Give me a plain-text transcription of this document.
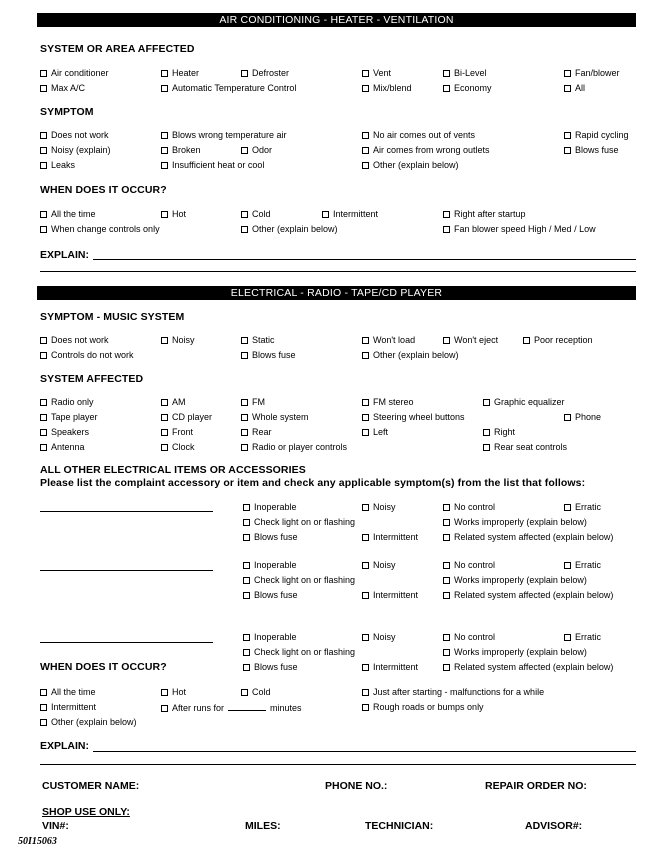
AIR CONDITIONING - HEATER - VENTILATION
SYSTEM OR AREA AFFECTED
Air conditioner	Heater	Defroster	Vent	Bi-Level	Fan/blower
Max A/C	Automatic Temperature Control	Mix/blend	Economy	All
SYMPTOM
Does not work	Blows wrong temperature air	No air comes out of vents	Rapid cycling
Noisy (explain)	Broken	Odor	Air comes from wrong outlets	Blows fuse
Leaks	Insufficient heat or cool	Other (explain below)
WHEN DOES IT OCCUR?
All the time	Hot	Cold	Intermittent	Right after startup
When change controls only	Other (explain below)	Fan blower speed High / Med / Low
EXPLAIN:
ELECTRICAL - RADIO - TAPE/CD PLAYER
SYMPTOM - MUSIC SYSTEM
Does not work	Noisy	Static	Won't load	Won't eject	Poor reception
Controls do not work	Blows fuse	Other (explain below)
SYSTEM AFFECTED
Radio only	AM	FM	FM stereo	Graphic equalizer
Tape player	CD player	Whole system	Steering wheel buttons	Phone
Speakers	Front	Rear	Left	Right
Antenna	Clock	Radio or player controls	Rear seat controls
ALL OTHER ELECTRICAL ITEMS OR ACCESSORIES
Please list the complaint accessory or item and check any applicable symptom(s) from the list that follows:
Inoperable	Noisy	No control	Erratic
Check light on or flashing	Works improperly (explain below)
Blows fuse	Intermittent	Related system affected (explain below)
Inoperable	Noisy	No control	Erratic
Check light on or flashing	Works improperly (explain below)
Blows fuse	Intermittent	Related system affected (explain below)
Inoperable	Noisy	No control	Erratic
Check light on or flashing	Works improperly (explain below)
Blows fuse	Intermittent	Related system affected (explain below)
WHEN DOES IT OCCUR?
All the time	Hot	Cold	Just after starting - malfunctions for a while
Intermittent	After runs for	minutes	Rough roads or bumps only
Other (explain below)
EXPLAIN:
CUSTOMER NAME:	PHONE NO.:	REPAIR ORDER NO:
SHOP USE ONLY:
VIN#:	MILES:	TECHNICIAN:	ADVISOR#:
50I15063
